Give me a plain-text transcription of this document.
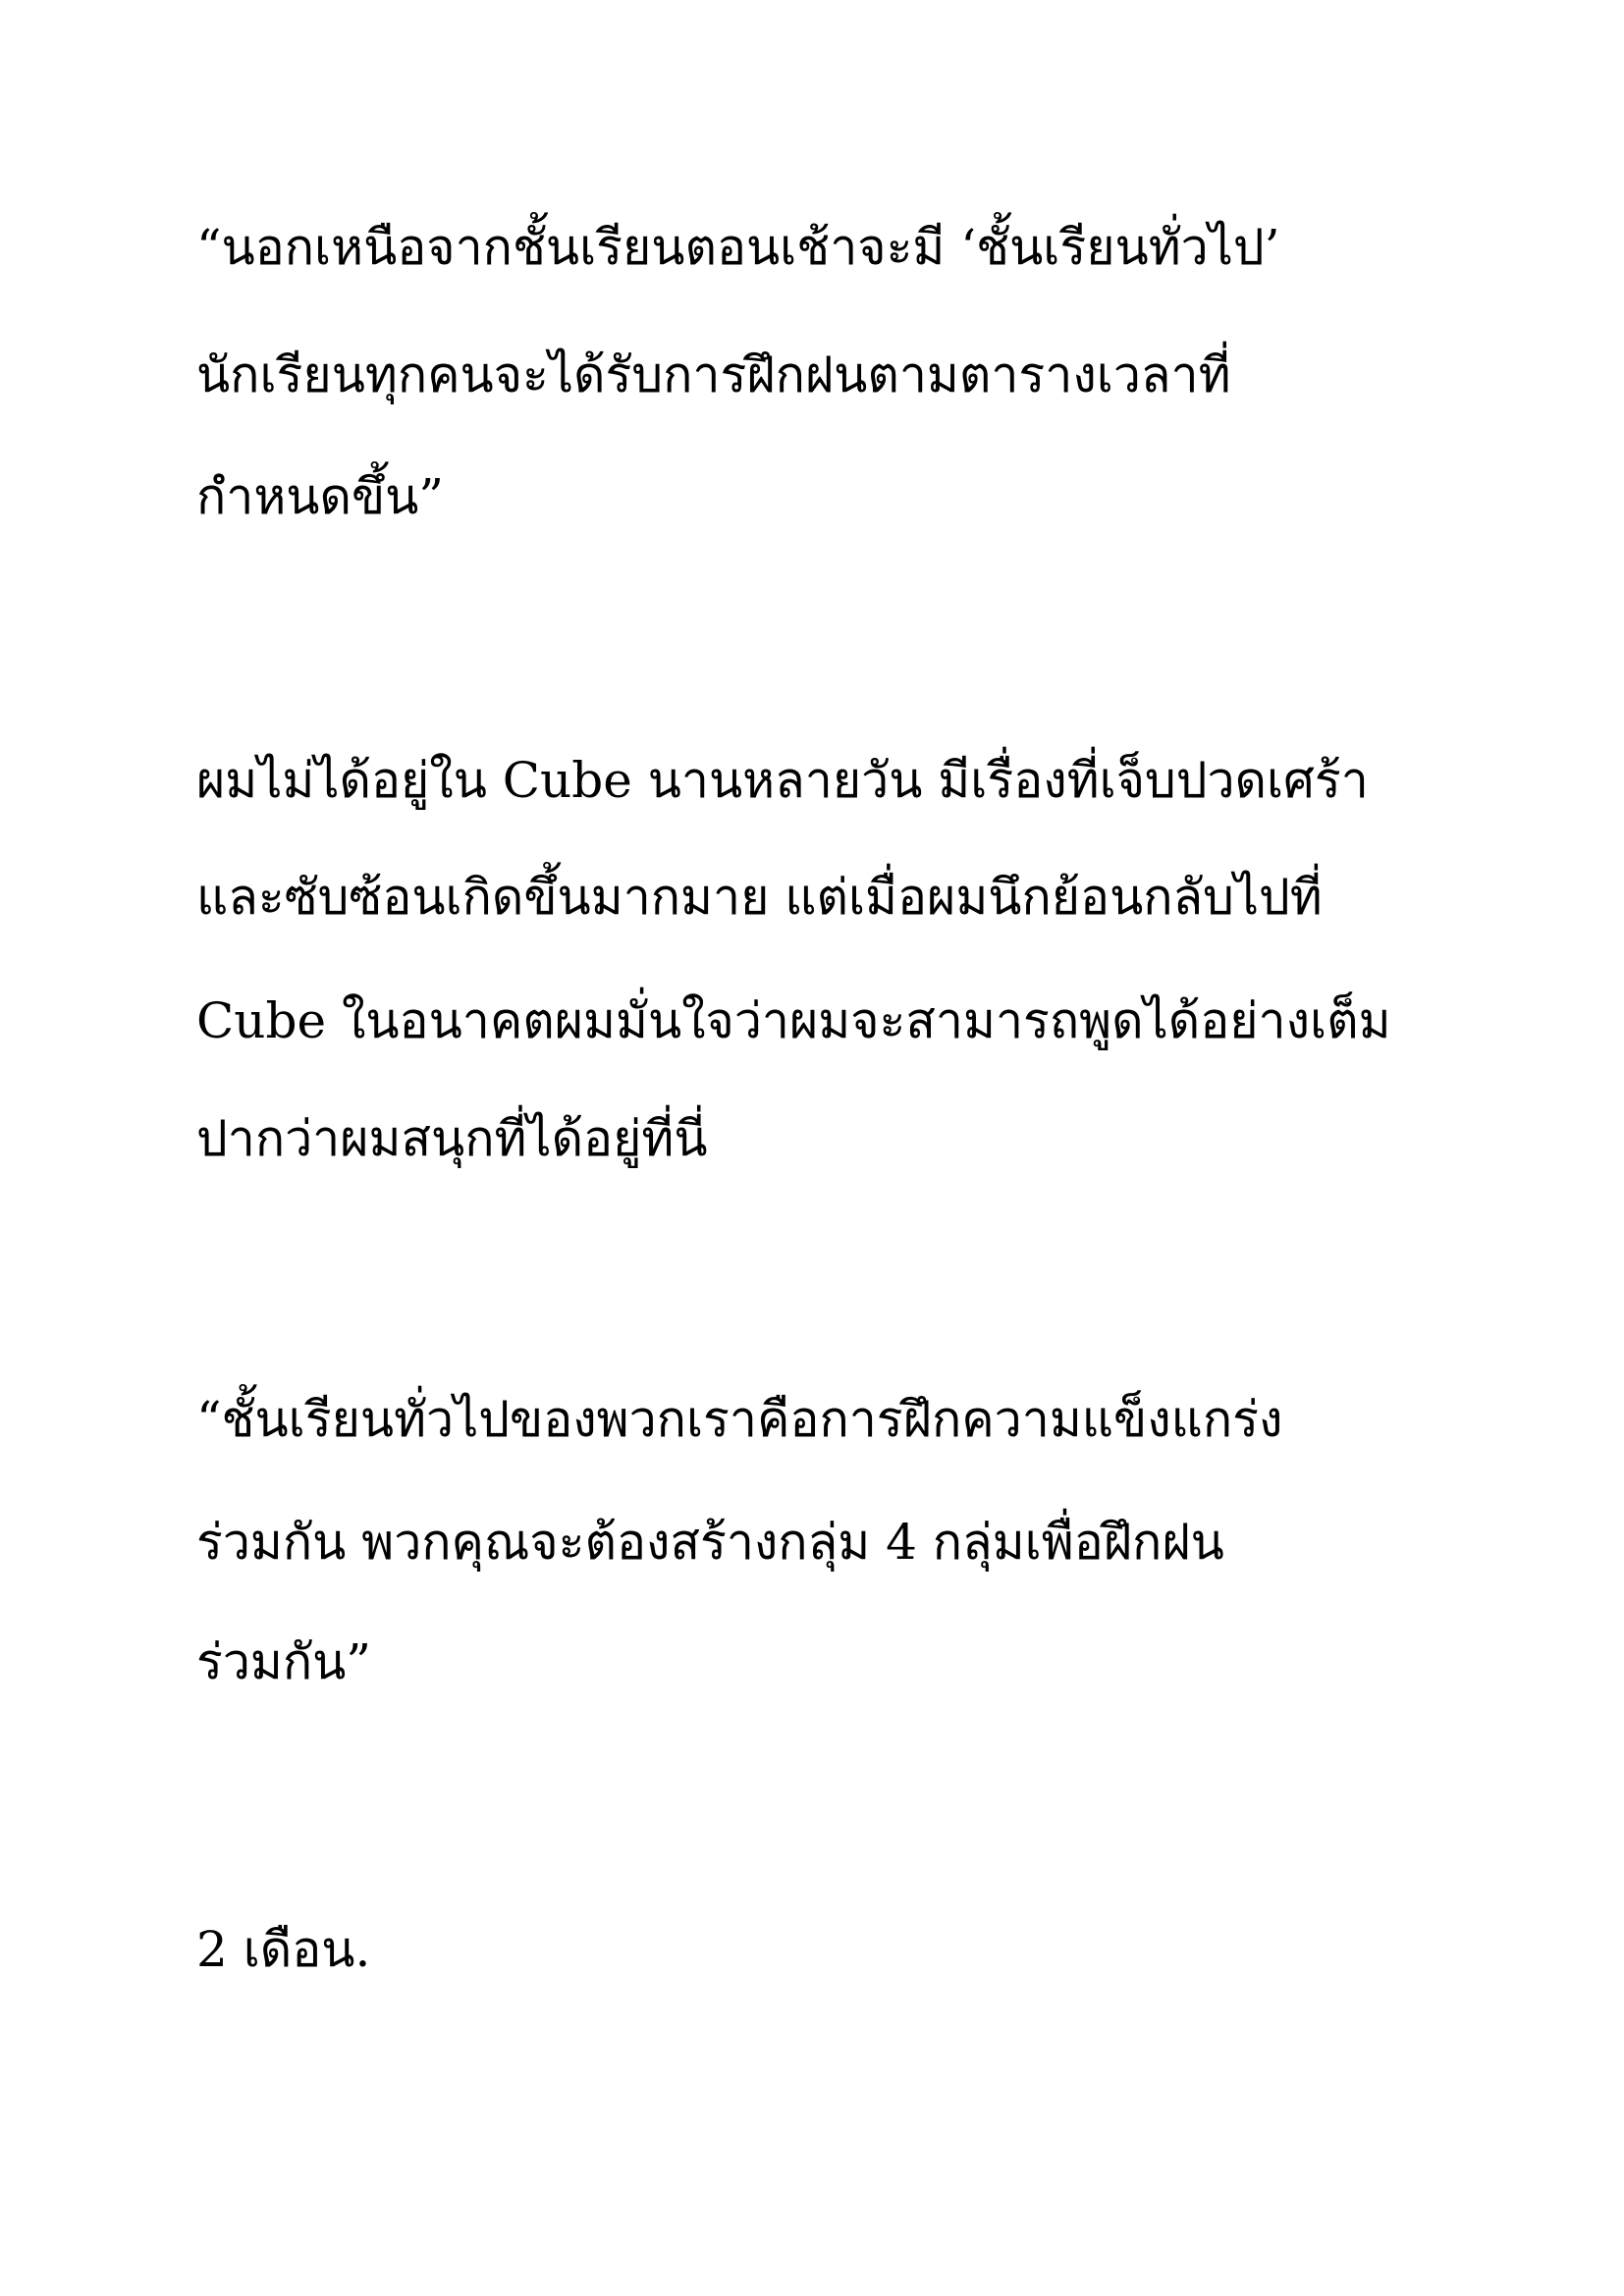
“นอกเหนือจากชั้นเรียนตอนเช้าจะมี ‘ชั้นเรียนทั่วไป’

นักเรียนทุกคนจะได้รับการฝึกฝนตามตารางเวลาที่

กำหนดขึ้น”

ผมไม่ได้อยู่ใน Cube นานหลายวัน มีเรื่องที่เจ็บปวดเศร้า

และซับซ้อนเกิดขึ้นมากมาย แต่เมื่อผมนึกย้อนกลับไปที่

Cube ในอนาคตผมมั่นใจว่าผมจะสามารถพูดได้อย่างเต็ม

ปากว่าผมสนุกที่ได้อยู่ที่นี่

“ชั้นเรียนทั่วไปของพวกเราคือการฝึกความแข็งแกร่ง

ร่วมกัน พวกคุณจะต้องสร้างกลุ่ม 4 กลุ่มเพื่อฝึกฝน

ร่วมกัน”

2 เดือน.
